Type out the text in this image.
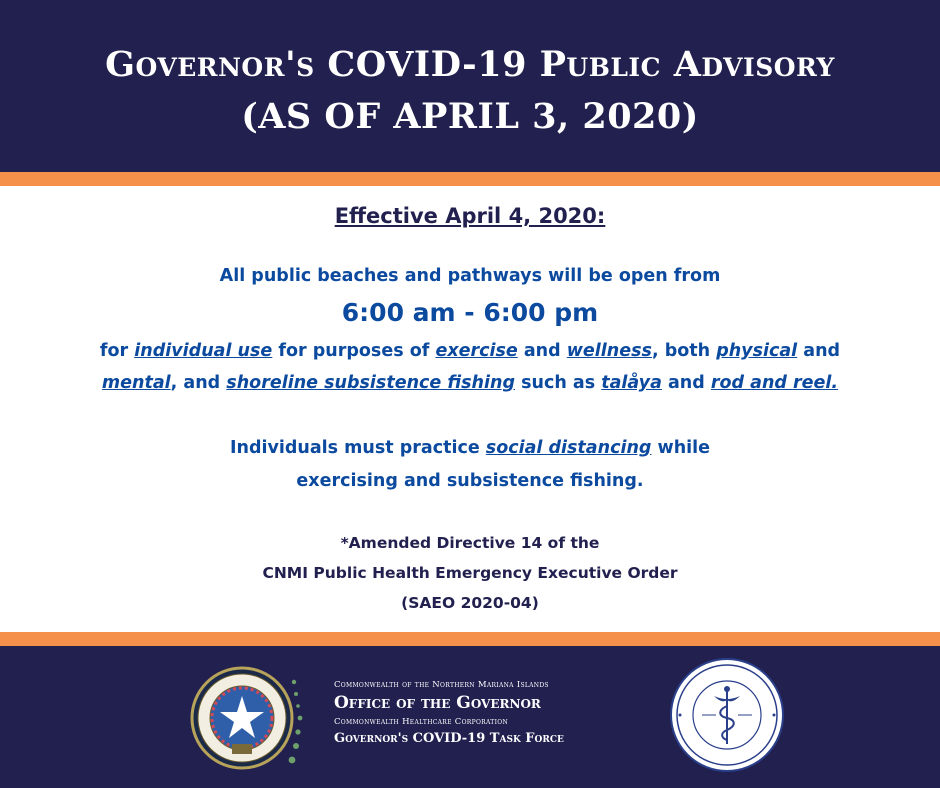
Governor's COVID-19 Public Advisory
(AS OF APRIL 3, 2020)
Effective April 4, 2020:
All public beaches and pathways will be open from
6:00 am - 6:00 pm
for individual use for purposes of exercise and wellness, both physical and
mental, and shoreline subsistence fishing such as talåya and rod and reel.
Individuals must practice social distancing while
exercising and subsistence fishing.
*Amended Directive 14 of the
CNMI Public Health Emergency Executive Order
(SAEO 2020-04)
Commonwealth of the Northern Mariana Islands
Office of the Governor
Commonwealth Healthcare Corporation
Governor's COVID-19 Task Force
